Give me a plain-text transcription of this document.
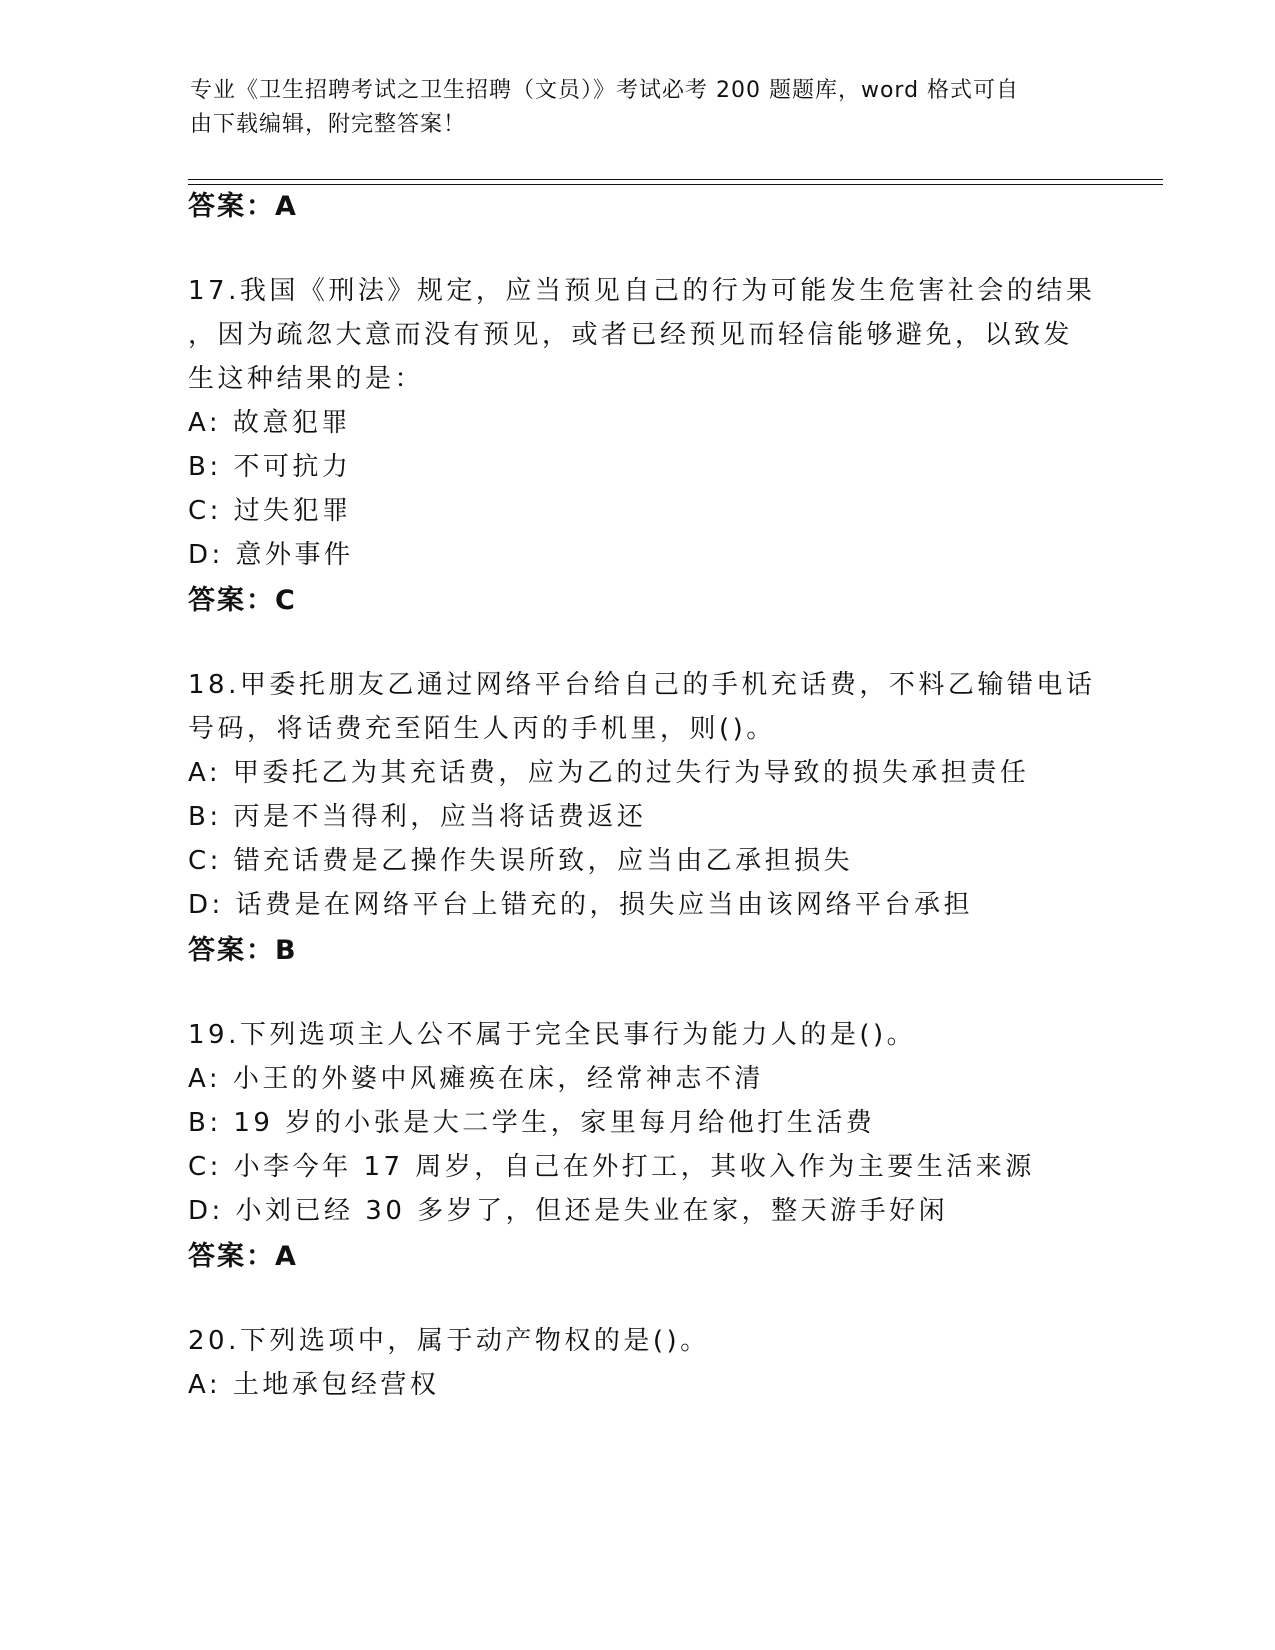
专业《卫生招聘考试之卫生招聘（文员）》考试必考 200 题题库，word 格式可自
由下载编辑，附完整答案！
答案：A
17.我国《刑法》规定，应当预见自己的行为可能发生危害社会的结果
，因为疏忽大意而没有预见，或者已经预见而轻信能够避免，以致发
生这种结果的是：
A: 故意犯罪
B: 不可抗力
C: 过失犯罪
D: 意外事件
答案：C
18.甲委托朋友乙通过网络平台给自己的手机充话费，不料乙输错电话
号码，将话费充至陌生人丙的手机里，则()。
A: 甲委托乙为其充话费，应为乙的过失行为导致的损失承担责任
B: 丙是不当得利，应当将话费返还
C: 错充话费是乙操作失误所致，应当由乙承担损失
D: 话费是在网络平台上错充的，损失应当由该网络平台承担
答案：B
19.下列选项主人公不属于完全民事行为能力人的是()。
A: 小王的外婆中风瘫痪在床，经常神志不清
B: 19 岁的小张是大二学生，家里每月给他打生活费
C: 小李今年 17 周岁，自己在外打工，其收入作为主要生活来源
D: 小刘已经 30 多岁了，但还是失业在家，整天游手好闲
答案：A
20.下列选项中，属于动产物权的是()。
A: 土地承包经营权
